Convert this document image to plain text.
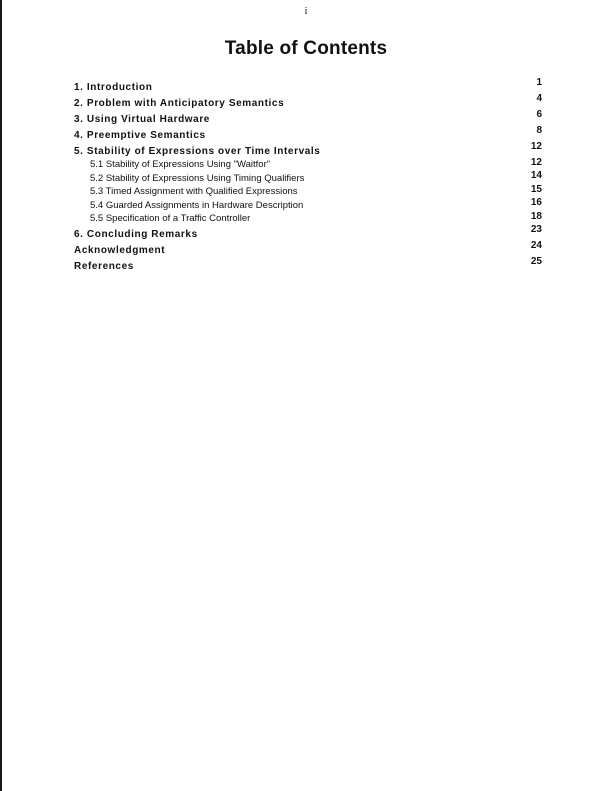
i
Table of Contents
1. Introduction	1
2. Problem with Anticipatory Semantics	4
3. Using Virtual Hardware	6
4. Preemptive Semantics	8
5. Stability of Expressions over Time Intervals	12
5.1 Stability of Expressions Using "Waitfor"	12
5.2 Stability of Expressions Using Timing Qualifiers	14
5.3 Timed Assignment with Qualified Expressions	15
5.4 Guarded Assignments in Hardware Description	16
5.5 Specification of a Traffic Controller	18
6. Concluding Remarks	23
Acknowledgment	24
References	25
